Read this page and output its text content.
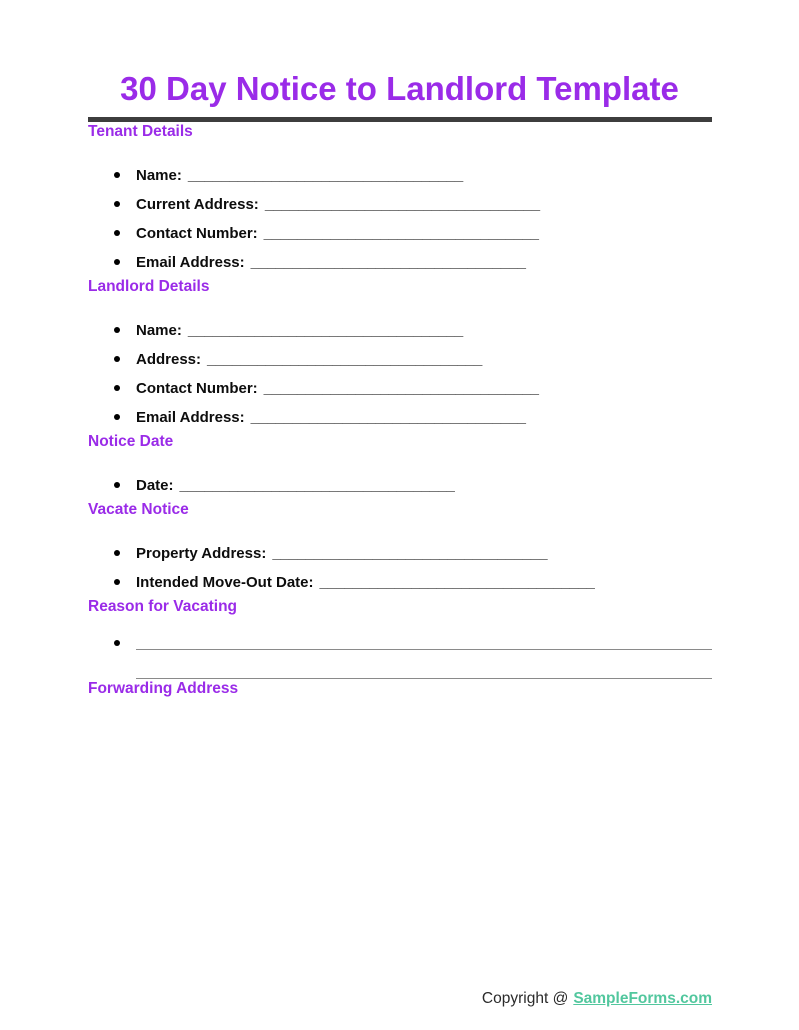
30 Day Notice to Landlord Template
Tenant Details
Name: _________________________________
Current Address: _________________________________
Contact Number: _________________________________
Email Address: _________________________________
Landlord Details
Name: _________________________________
Address: _________________________________
Contact Number: _________________________________
Email Address: _________________________________
Notice Date
Date: _________________________________
Vacate Notice
Property Address: _________________________________
Intended Move-Out Date: _________________________________
Reason for Vacating
Forwarding Address
Copyright @ SampleForms.com
